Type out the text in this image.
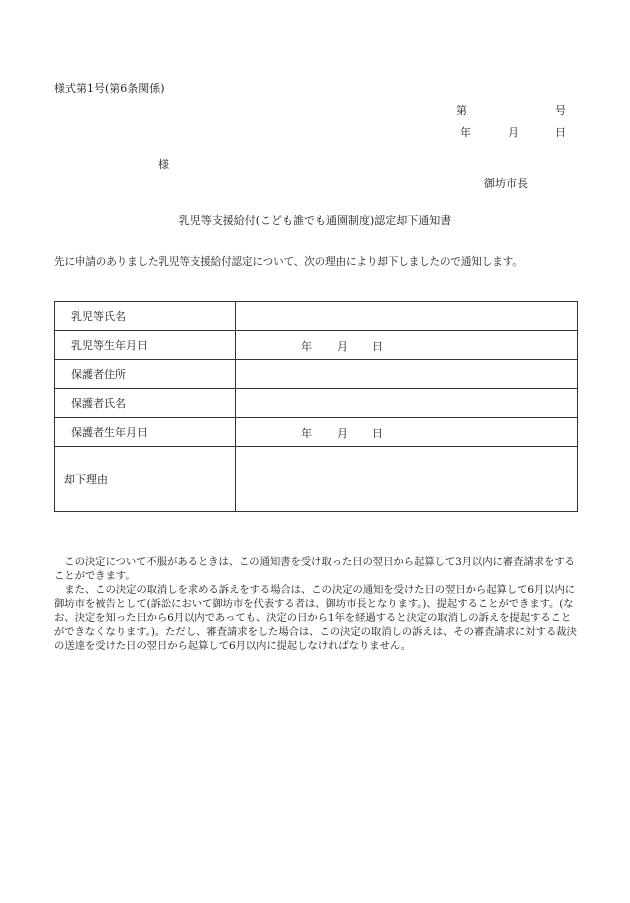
様式第1号(第6条関係)
第	号
年	月	日
様
御坊市長
乳児等支援給付(こども誰でも通園制度)認定却下通知書
先に申請のありました乳児等支援給付認定について、次の理由により却下しましたので通知します。
乳児等氏名	
乳児等生年月日	年 月 日

保護者住所	
保護者氏名	
保護者生年月日	年 月 日

却下理由	

　この決定について不服があるときは、この通知書を受け取った日の翌日から起算して3月以内に審査請求をすることができます。

　また、この決定の取消しを求める訴えをする場合は、この決定の通知を受けた日の翌日から起算して6月以内に御坊市を被告として(訴訟において御坊市を代表する者は、御坊市長となります。)、提起することができます。(なお、決定を知った日から6月以内であっても、決定の日から1年を経過すると決定の取消しの訴えを提起することができなくなります。)。ただし、審査請求をした場合は、この決定の取消しの訴えは、その審査請求に対する裁決の送達を受けた日の翌日から起算して6月以内に提起しなければなりません。
